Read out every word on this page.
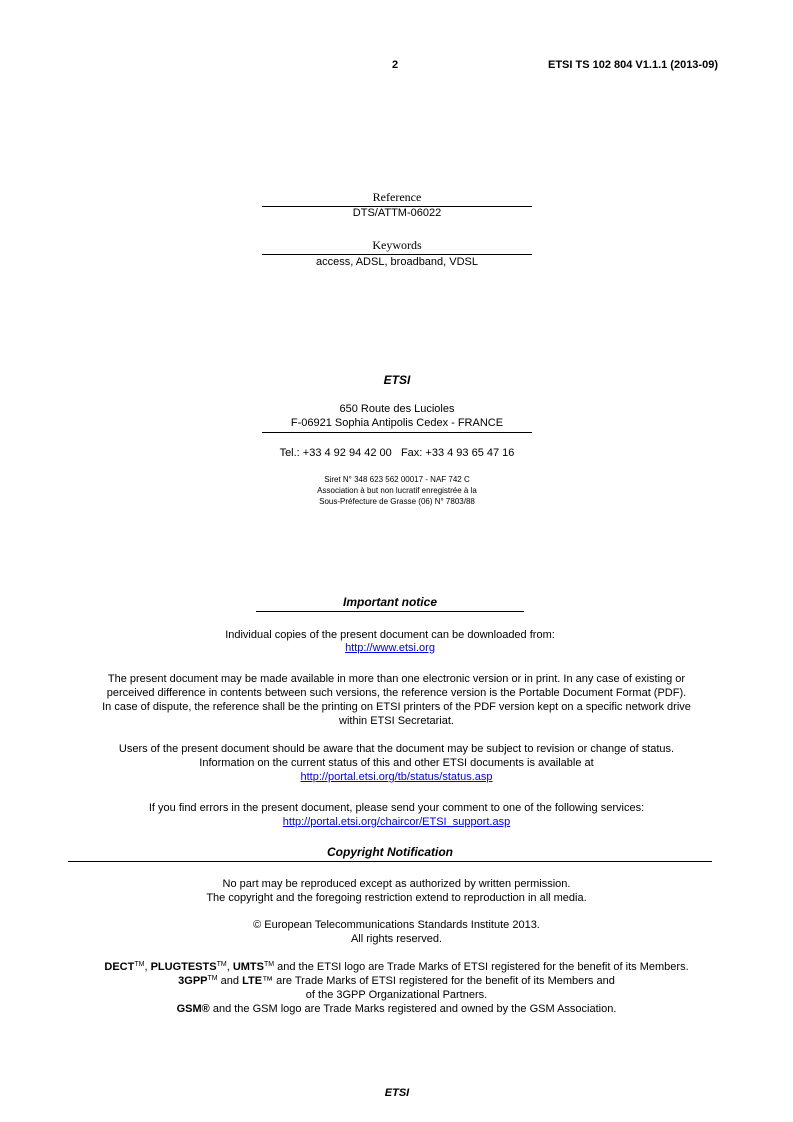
2	ETSI TS 102 804 V1.1.1 (2013-09)
Reference
DTS/ATTM-06022
Keywords
access, ADSL, broadband, VDSL
ETSI
650 Route des Lucioles
F-06921 Sophia Antipolis Cedex - FRANCE
Tel.: +33 4 92 94 42 00   Fax: +33 4 93 65 47 16
Siret N° 348 623 562 00017 - NAF 742 C
Association à but non lucratif enregistrée à la
Sous-Préfecture de Grasse (06) N° 7803/88
Important notice
Individual copies of the present document can be downloaded from:
http://www.etsi.org

The present document may be made available in more than one electronic version or in print. In any case of existing or

perceived difference in contents between such versions, the reference version is the Portable Document Format (PDF).

In case of dispute, the reference shall be the printing on ETSI printers of the PDF version kept on a specific network drive

within ETSI Secretariat.

Users of the present document should be aware that the document may be subject to revision or change of status.

Information on the current status of this and other ETSI documents is available at

http://portal.etsi.org/tb/status/status.asp

If you find errors in the present document, please send your comment to one of the following services:

http://portal.etsi.org/chaircor/ETSI_support.asp

Copyright Notification

No part may be reproduced except as authorized by written permission.

The copyright and the foregoing restriction extend to reproduction in all media.

© European Telecommunications Standards Institute 2013.

All rights reserved.

DECT™, PLUGTESTS™, UMTS™ and the ETSI logo are Trade Marks of ETSI registered for the benefit of its Members.

3GPP™ and LTE™ are Trade Marks of ETSI registered for the benefit of its Members and

of the 3GPP Organizational Partners.

GSM® and the GSM logo are Trade Marks registered and owned by the GSM Association.

ETSI
